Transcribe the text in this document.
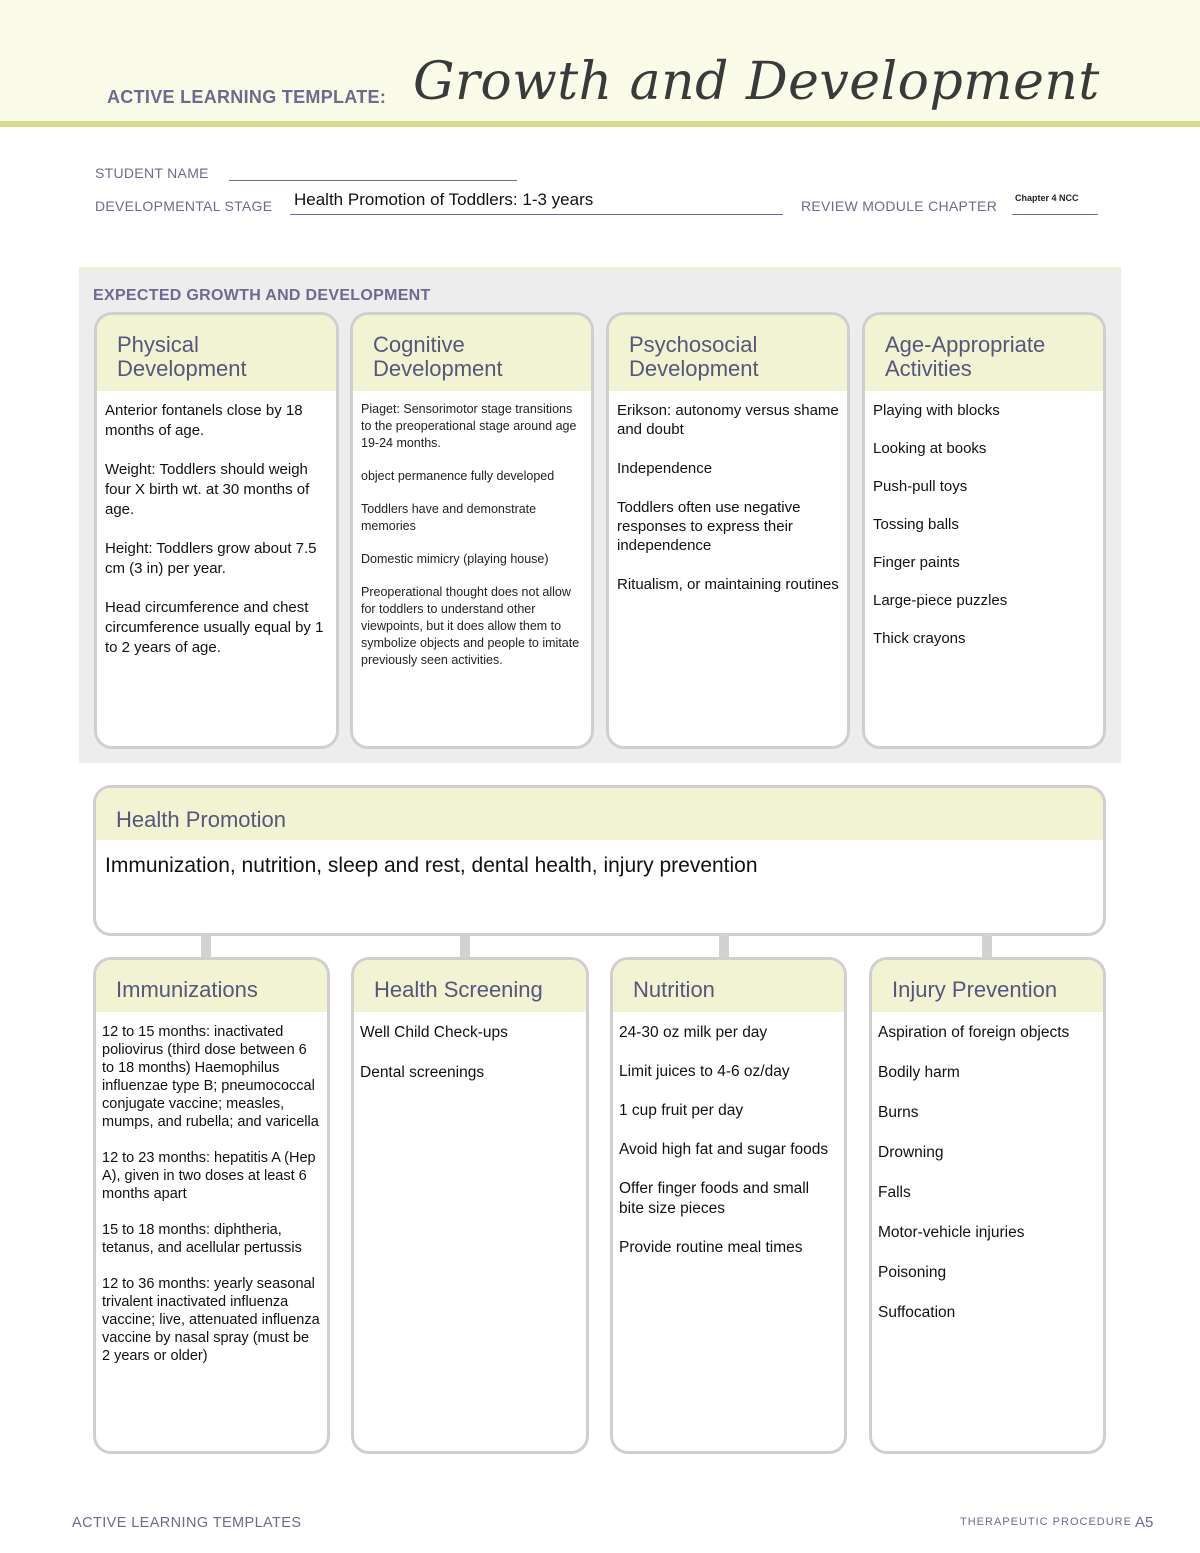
ACTIVE LEARNING TEMPLATE: Growth and Development
STUDENT NAME
DEVELOPMENTAL STAGE Health Promotion of Toddlers: 1-3 years	REVIEW MODULE CHAPTER Chapter 4 NCC
EXPECTED GROWTH AND DEVELOPMENT
Physical
Development

Anterior fontanels close by 18 months of age.

Weight: Toddlers should weigh four X birth wt. at 30 months of age.

Height: Toddlers grow about 7.5 cm (3 in) per year.

Head circumference and chest circumference usually equal by 1 to 2 years of age.

Cognitive
Development

Piaget: Sensorimotor stage transitions to the preoperational stage around age 19-24 months.

object permanence fully developed

Toddlers have and demonstrate memories

Domestic mimicry (playing house)

Preoperational thought does not allow for toddlers to understand other viewpoints, but it does allow them to symbolize objects and people to imitate previously seen activities.

Psychosocial
Development

Erikson: autonomy versus shame and doubt

Independence

Toddlers often use negative responses to express their independence

Ritualism, or maintaining routines

Age-Appropriate
Activities

Playing with blocks

Looking at books

Push-pull toys

Tossing balls

Finger paints

Large-piece puzzles

Thick crayons

Health Promotion
Immunization, nutrition, sleep and rest, dental health, injury prevention
Immunizations

12 to 15 months: inactivated poliovirus (third dose between 6 to 18 months) Haemophilus influenzae type B; pneumococcal conjugate vaccine; measles, mumps, and rubella; and varicella

12 to 23 months: hepatitis A (Hep A), given in two doses at least 6 months apart

15 to 18 months: diphtheria, tetanus, and acellular pertussis

12 to 36 months: yearly seasonal trivalent inactivated influenza vaccine; live, attenuated influenza vaccine by nasal spray (must be 2 years or older)

Health Screening

Well Child Check-ups

Dental screenings

Nutrition

24-30 oz milk per day

Limit juices to 4-6 oz/day

1 cup fruit per day

Avoid high fat and sugar foods

Offer finger foods and small bite size pieces

Provide routine meal times

Injury Prevention

Aspiration of foreign objects

Bodily harm

Burns

Drowning

Falls

Motor-vehicle injuries

Poisoning

Suffocation

ACTIVE LEARNING TEMPLATES	THERAPEUTIC PROCEDURE A5
